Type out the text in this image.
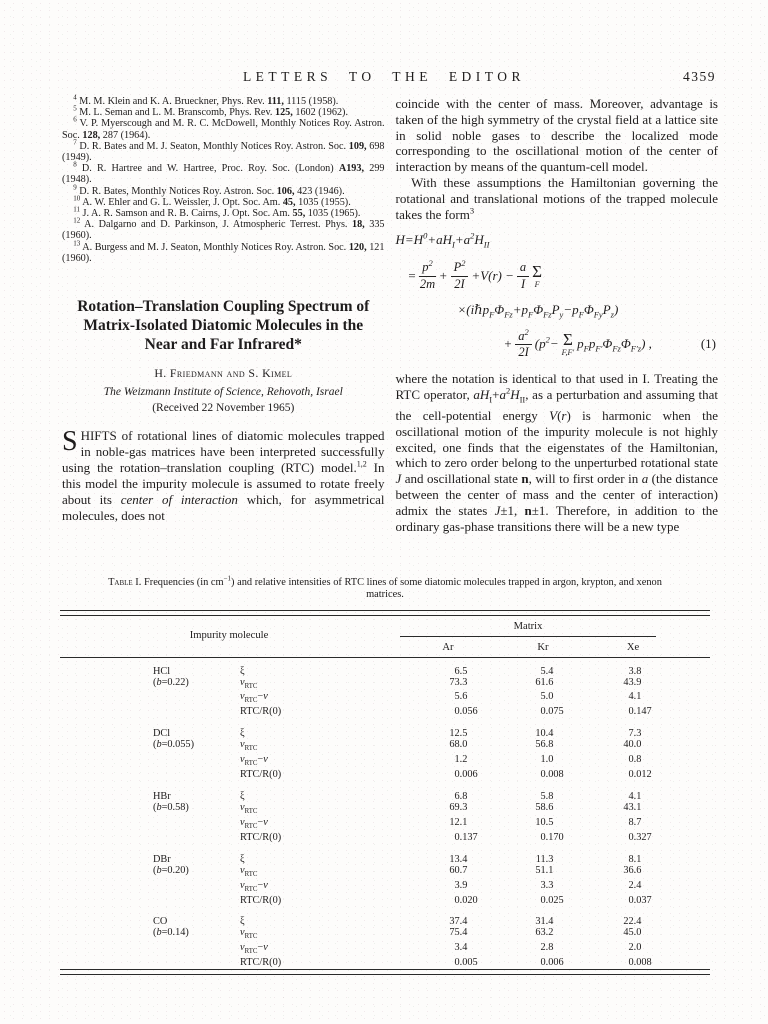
LETTERS TO THE EDITOR	4359

$^4$ M. M. Klein and K. A. Brueckner, Phys. Rev. 111, 1115 (1958).

$^5$ M. L. Seman and L. M. Branscomb, Phys. Rev. 125, 1602 (1962).

$^6$ V. P. Myerscough and M. R. C. McDowell, Monthly Notices Roy. Astron. Soc. 128, 287 (1964).

$^7$ D. R. Bates and M. J. Seaton, Monthly Notices Roy. Astron. Soc. 109, 698 (1949).

$^8$ D. R. Hartree and W. Hartree, Proc. Roy. Soc. (London) A193, 299 (1948).

$^9$ D. R. Bates, Monthly Notices Roy. Astron. Soc. 106, 423 (1946).

$^{10}$ A. W. Ehler and G. L. Weissler, J. Opt. Soc. Am. 45, 1035 (1955).

$^{11}$ J. A. R. Samson and R. B. Cairns, J. Opt. Soc. Am. 55, 1035 (1965).

$^{12}$ A. Dalgarno and D. Parkinson, J. Atmospheric Terrest. Phys. 18, 335 (1960).

$^{13}$ A. Burgess and M. J. Seaton, Monthly Notices Roy. Astron. Soc. 120, 121 (1960).

Rotation–Translation Coupling Spectrum of
Matrix-Isolated Diatomic Molecules in the
Near and Far Infrared*
H. Friedmann and S. Kimel
The Weizmann Institute of Science, Rehovoth, Israel
(Received 22 November 1965)

SHIFTS of rotational lines of diatomic molecules trapped in noble-gas matrices have been interpreted successfully using the rotation–translation coupling (RTC) model.$^{1,2}$ In this model the impurity molecule is assumed to rotate freely about its center of interaction which, for asymmetrical molecules, does not

coincide with the center of mass. Moreover, advantage is taken of the high symmetry of the crystal field at a lattice site in solid noble gases to describe the localized mode corresponding to the oscillational motion of the center of interaction by means of the quantum-cell model.

With these assumptions the Hamiltonian governing the rotational and translational motions of the trapped molecule takes the form$^3$

$H=H^0+aH_I+a^2H_{II}$
= $\frac{p^2}{2m} + \frac{P^2}{2I} +V(r) - \frac{a}{I}$ Σ
F
$\times(i\hbar p_F\Phi_{Fz}+p_F\Phi_{Fz}P_y-p_F\Phi_{Fy}P_z)$
+ $\frac{a^2}{2I} (p^2- \Sigma$
F,F′
$p_Fp_{F'}\Phi_{Fz}\Phi_{F'z}$) ,	(1)

where the notation is identical to that used in I. Treating the RTC operator, $aH_I+a^2H_{II}$, as a perturbation and assuming that the cell-potential energy V(r) is harmonic when the oscillational motion of the impurity molecule is not highly excited, one finds that the eigenstates of the Hamiltonian, which to zero order belong to the unperturbed rotational state J and oscillational state n, will to first order in a (the distance between the center of mass and the center of interaction) admix the states J±1, n±1. Therefore, in addition to the ordinary gas-phase transitions there will be a new type

Table I. Frequencies (in $cm^{-1}$) and relative intensities of RTC lines of some diatomic molecules trapped in argon, krypton, and xenon matrices.
Impurity molecule		Matrix			

		Ar	Kr	Xe	
HCl	ξ	6.5	5.4	3.8	
(b=0.22)	$\nu_{RTC}$	73.3	61.6	43.9	
	$\nu_{RTC}-\nu$	5.6	5.0	4.1	
	RTC/R(0)	0.056	0.075	0.147	
DCl	ξ	12.5	10.4	7.3	
(b=0.055)	$\nu_{RTC}$	68.0	56.8	40.0	
	$\nu_{RTC}-\nu$	1.2	1.0	0.8	
	RTC/R(0)	0.006	0.008	0.012	
HBr	ξ	6.8	5.8	4.1	
(b=0.58)	$\nu_{RTC}$	69.3	58.6	43.1	
	$\nu_{RTC}-\nu$	12.1	10.5	8.7	
	RTC/R(0)	0.137	0.170	0.327	
DBr	ξ	13.4	11.3	8.1	
(b=0.20)	$\nu_{RTC}$	60.7	51.1	36.6	
	$\nu_{RTC}-\nu$	3.9	3.3	2.4	
	RTC/R(0)	0.020	0.025	0.037	
CO	ξ	37.4	31.4	22.4	
(b=0.14)	$\nu_{RTC}$	75.4	63.2	45.0	
	$\nu_{RTC}-\nu$	3.4	2.8	2.0	
	RTC/R(0)	0.005	0.006	0.008	
